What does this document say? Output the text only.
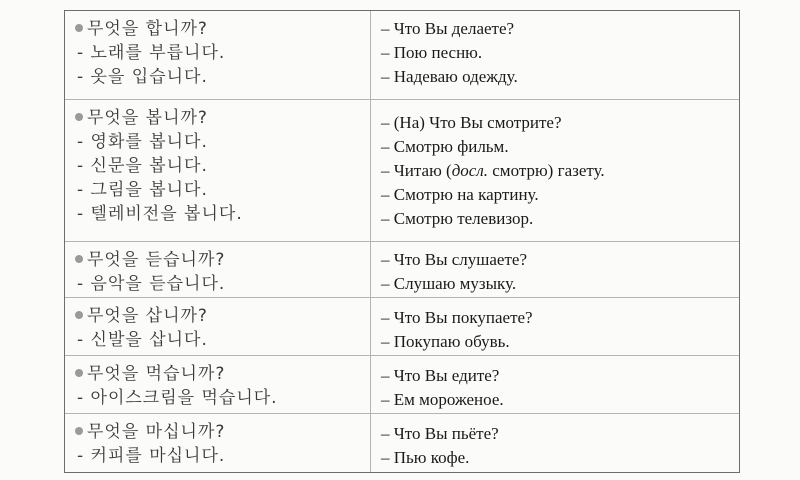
무엇을 합니까?
- 노래를 부릅니다.
- 옷을 입습니다.
– Что Вы делаете?
– Пою песню.
– Надеваю одежду.
무엇을 봅니까?
- 영화를 봅니다.
- 신문을 봅니다.
- 그림을 봅니다.
- 텔레비전을 봅니다.
– (На) Что Вы смотрите?
– Смотрю фильм.
– Читаю (досл. смотрю) газету.
– Смотрю на картину.
– Смотрю телевизор.
무엇을 듣습니까?
- 음악을 듣습니다.
– Что Вы слушаете?
– Слушаю музыку.
무엇을 삽니까?
- 신발을 삽니다.
– Что Вы покупаете?
– Покупаю обувь.
무엇을 먹습니까?
- 아이스크림을 먹습니다.
– Что Вы едите?
– Ем мороженое.
무엇을 마십니까?
- 커피를 마십니다.
– Что Вы пьёте?
– Пью кофе.
